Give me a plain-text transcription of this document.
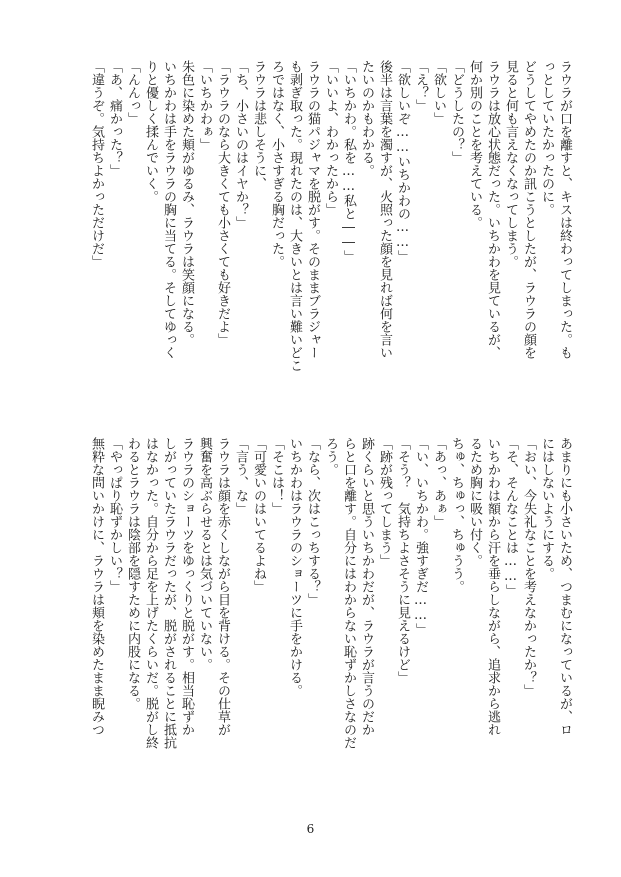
ラウラが口を離すと、キスは終わってしまった。も
っとしていたかったのに。
どうしてやめたのか訊こうとしたが、ラウラの顔を
見ると何も言えなくなってしまう。
ラウラは放心状態だった。いちかわを見ているが、
何か別のことを考えている。
「どうしたの？」
「欲しい」
「え？」
「欲しいぞ……いちかわの……」
後半は言葉を濁すが、火照った顔を見れば何を言い
たいのかもわかる。
「いちかわ。私を……私と――」
「いいよ、わかったから」
ラウラの猫パジャマを脱がす。そのままブラジャー
も剥ぎ取った。現れたのは、大きいとは言い難いどこ
ろではなく、小さすぎる胸だった。
ラウラは悲しそうに、
「ち、小さいのはイヤか？」
「ラウラのなら大きくても小さくても好きだよ」
「いちかわぁ」
朱色に染めた頬がゆるみ、ラウラは笑顔になる。
いちかわは手をラウラの胸に当てる。そしてゆっく
りと優しく揉んでいく。
「んんっ」
「あ、痛かった？」
「違うぞ。気持ちよかっただけだ」
あまりにも小さいため、つまむになっているが、ロ
にはしないようにする。
「おい、今失礼なことを考えなかったか？」
「そ、そんなことは……」
いちかわは額から汗を垂らしながら、追求から逃れ
るため胸に吸い付く。
ちゅ、ちゅっ、ちゅうう。
「あっ、あぁ」
「い、いちかわ。強すぎだ……」
「そう？　気持ちよさそうに見えるけど」
「跡が残ってしまう」
跡くらいと思ういちかわだが、ラウラが言うのだか
らと口を離す。自分にはわからない恥ずかしさなのだ
ろう。
「なら、次はこっちする？」
いちかわはラウラのショーツに手をかける。
「そこは！」
「可愛いのはいてるよね」
「言う、な」
ラウラは顔を赤くしながら目を背ける。その仕草が
興奮を高ぶらせるとは気づいていない。
ラウラのショーツをゆっくりと脱がす。相当恥ずか
しがっていたラウラだったが、脱がされることに抵抗
はなかった。自分から足を上げたくらいだ。脱がし終
わるとラウラは陰部を隠すために内股になる。
「やっぱり恥ずかしい？」
無粋な問いかけに、ラウラは頬を染めたまま睨みつ
6
